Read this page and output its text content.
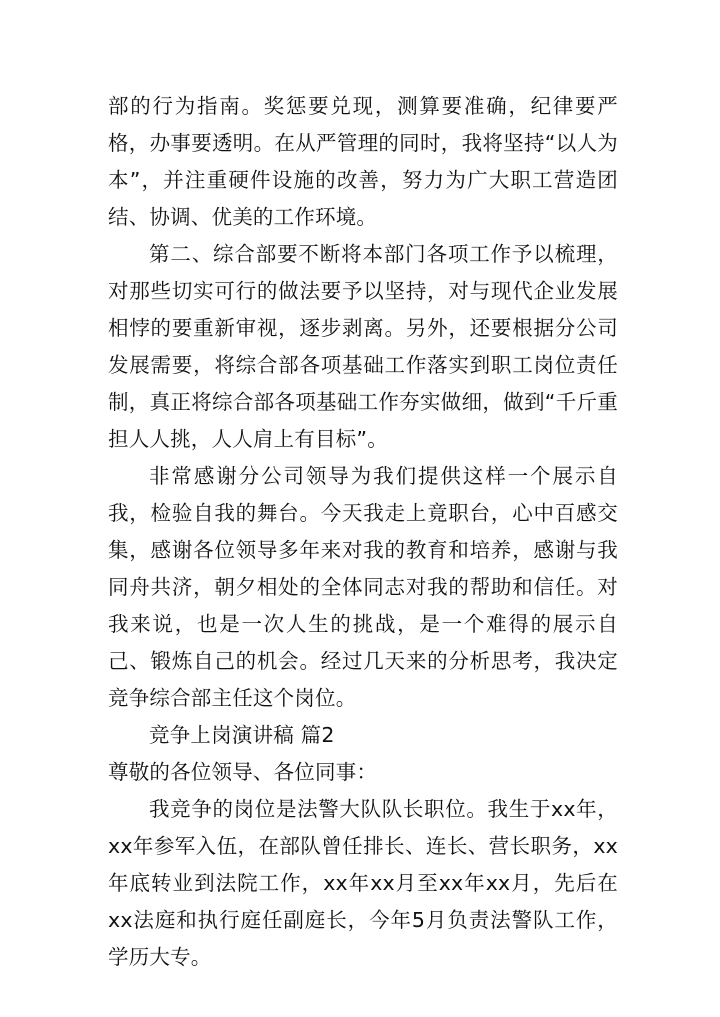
部的行为指南。奖惩要兑现，测算要准确，纪律要严格，办事要透明。在从严管理的同时，我将坚持“以人为本”，并注重硬件设施的改善，努力为广大职工营造团结、协调、优美的工作环境。

第二、综合部要不断将本部门各项工作予以梳理，对那些切实可行的做法要予以坚持，对与现代企业发展相悖的要重新审视，逐步剥离。另外，还要根据分公司发展需要，将综合部各项基础工作落实到职工岗位责任制，真正将综合部各项基础工作夯实做细，做到“千斤重担人人挑，人人肩上有目标”。

非常感谢分公司领导为我们提供这样一个展示自我，检验自我的舞台。今天我走上竟职台，心中百感交集，感谢各位领导多年来对我的教育和培养，感谢与我同舟共济，朝夕相处的全体同志对我的帮助和信任。对我来说，也是一次人生的挑战，是一个难得的展示自己、锻炼自己的机会。经过几天来的分析思考，我决定竞争综合部主任这个岗位。

竞争上岗演讲稿 篇2

尊敬的各位领导、各位同事：

我竞争的岗位是法警大队队长职位。我生于xx年，xx年参军入伍，在部队曾任排长、连长、营长职务，xx年底转业到法院工作，xx年xx月至xx年xx月，先后在xx法庭和执行庭任副庭长，今年5月负责法警队工作，学历大专。
